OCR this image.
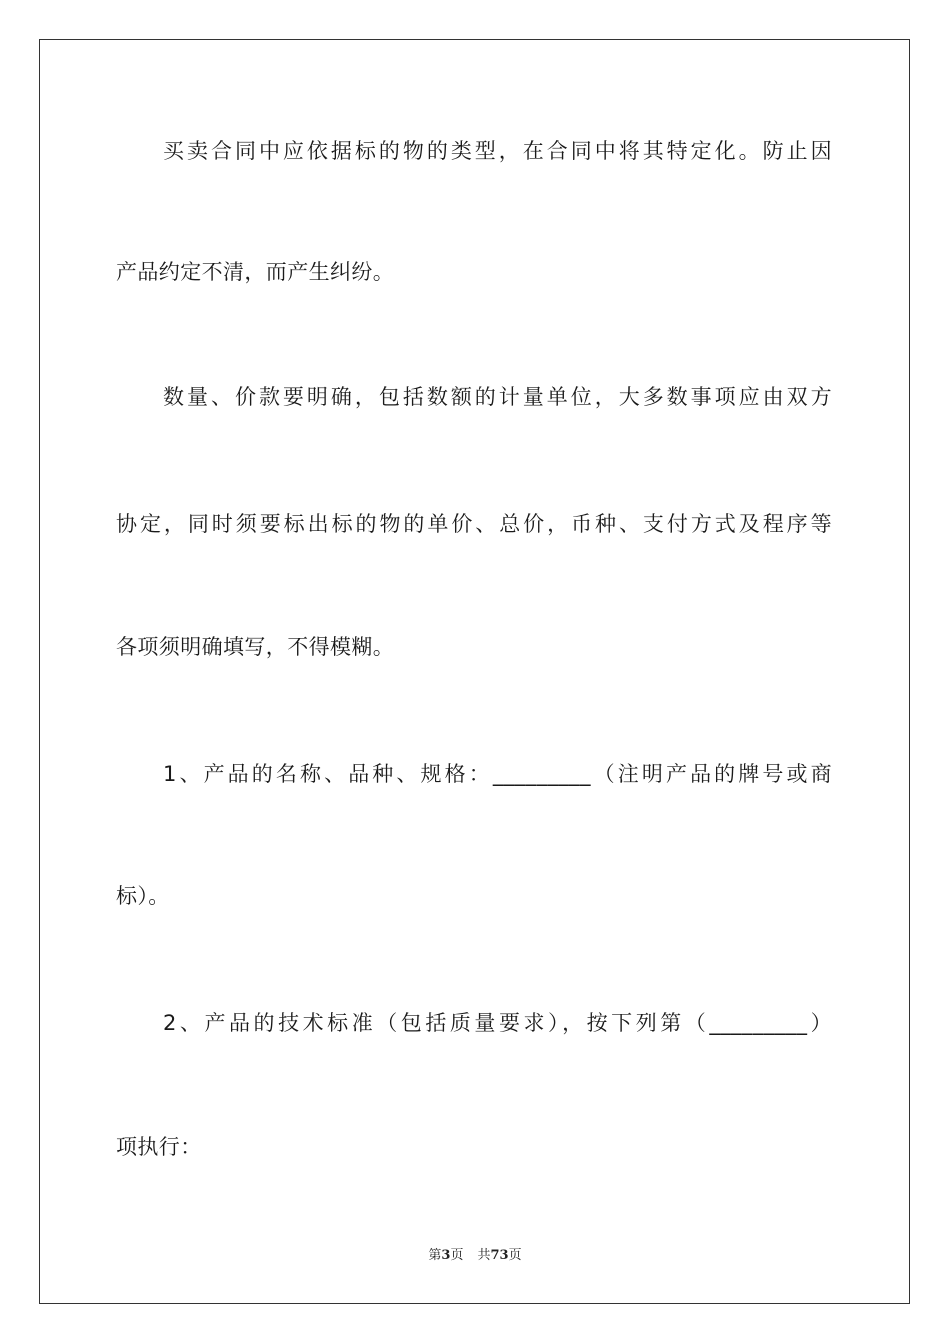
买卖合同中应依据标的物的类型，在合同中将其特定化。防止因
产品约定不清，而产生纠纷。
数量、价款要明确，包括数额的计量单位，大多数事项应由双方
协定，同时须要标出标的物的单价、总价，币种、支付方式及程序等
各项须明确填写，不得模糊。
1、产品的名称、品种、规格：_________（注明产品的牌号或商
标）。
2、产品的技术标准（包括质量要求），按下列第（_________）
项执行：
第3页 共73页
